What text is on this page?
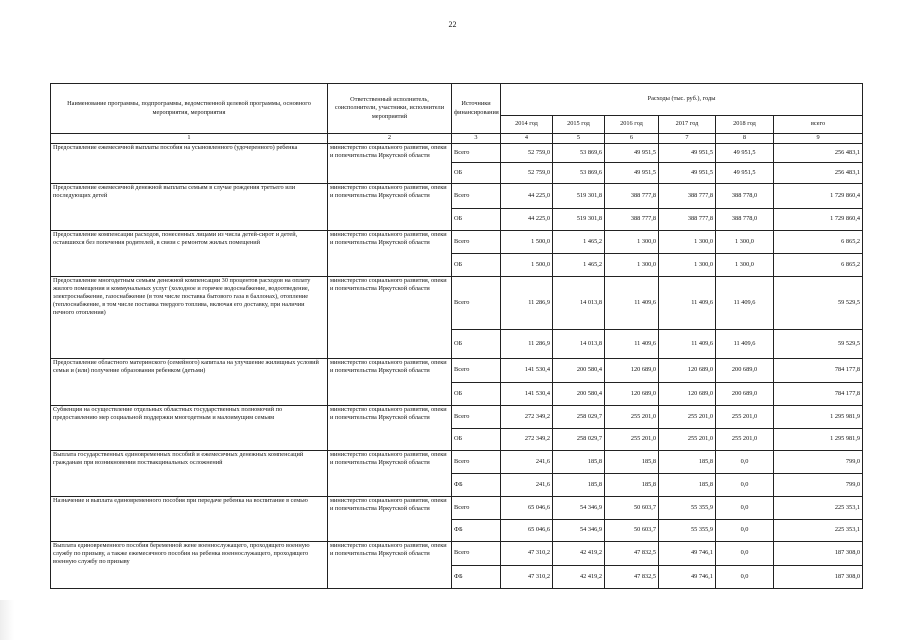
22
Наименование программы, подпрограммы, ведомственной целевой программы, основного мероприятия, мероприятия	Ответственный исполнитель, соисполнители, участники, исполнители мероприятий	Источники финансирования	Расходы (тыс. руб.), годы					
			2014 год	2015 год	2016 год	2017 год	2018 год	всего
1	2	3	4	5	6	7	8	9
Предоставление ежемесячной выплаты пособия на усыновленного (удочеренного) ребенка	министерство социального развития, опеки и попечительства Иркутской области	Всего	52 759,0	53 869,6	49 951,5	49 951,5	49 951,5	256 483,1
		ОБ	52 759,0	53 869,6	49 951,5	49 951,5	49 951,5	256 483,1
Предоставление ежемесячной денежной выплаты семьям в случае рождения третьего или последующих детей	министерство социального развития, опеки и попечительства Иркутской области	Всего	44 225,0	519 301,8	388 777,8	388 777,8	388 778,0	1 729 860,4
		ОБ	44 225,0	519 301,8	388 777,8	388 777,8	388 778,0	1 729 860,4
Предоставление компенсации расходов, понесенных лицами из числа детей-сирот и детей, оставшихся без попечения родителей, в связи с ремонтом жилых помещений	министерство социального развития, опеки и попечительства Иркутской области	Всего	1 500,0	1 465,2	1 300,0	1 300,0	1 300,0	6 865,2
		ОБ	1 500,0	1 465,2	1 300,0	1 300,0	1 300,0	6 865,2
Предоставление многодетным семьям денежной компенсации 30 процентов расходов на оплату жилого помещения и коммунальных услуг (холодное и горячее водоснабжение, водоотведение, электроснабжение, газоснабжение (в том числе поставка бытового газа в баллонах), отопление (теплоснабжение, в том числе поставка твердого топлива, включая его доставку, при наличии печного отопления)	министерство социального развития, опеки и попечительства Иркутской области	Всего	11 286,9	14 013,8	11 409,6	11 409,6	11 409,6	59 529,5
		ОБ	11 286,9	14 013,8	11 409,6	11 409,6	11 409,6	59 529,5
Предоставление областного материнского (семейного) капитала на улучшение жилищных условий семьи и (или) получение образования ребенком (детьми)	министерство социального развития, опеки и попечительства Иркутской области	Всего	141 530,4	200 580,4	120 689,0	120 689,0	200 689,0	784 177,8
		ОБ	141 530,4	200 580,4	120 689,0	120 689,0	200 689,0	784 177,8
Субвенция на осуществление отдельных областных государственных полномочий по предоставлению мер социальной поддержки многодетным и малоимущим семьям	министерство социального развития, опеки и попечительства Иркутской области	Всего	272 349,2	258 029,7	255 201,0	255 201,0	255 201,0	1 295 981,9
		ОБ	272 349,2	258 029,7	255 201,0	255 201,0	255 201,0	1 295 981,9
Выплата государственных единовременных пособий и ежемесячных денежных компенсаций гражданам при возникновении поствакцинальных осложнений	министерство социального развития, опеки и попечительства Иркутской области	Всего	241,6	185,8	185,8	185,8	0,0	799,0
		ФБ	241,6	185,8	185,8	185,8	0,0	799,0
Назначение и выплата единовременного пособия при передаче ребенка на воспитание в семью	министерство социального развития, опеки и попечительства Иркутской области	Всего	65 046,6	54 346,9	50 603,7	55 355,9	0,0	225 353,1
		ФБ	65 046,6	54 346,9	50 603,7	55 355,9	0,0	225 353,1
Выплата единовременного пособия беременной жене военнослужащего, проходящего военную службу по призыву, а также ежемесячного пособия на ребенка военнослужащего, проходящего военную службу по призыву	министерство социального развития, опеки и попечительства Иркутской области	Всего	47 310,2	42 419,2	47 832,5	49 746,1	0,0	187 308,0
		ФБ	47 310,2	42 419,2	47 832,5	49 746,1	0,0	187 308,0
